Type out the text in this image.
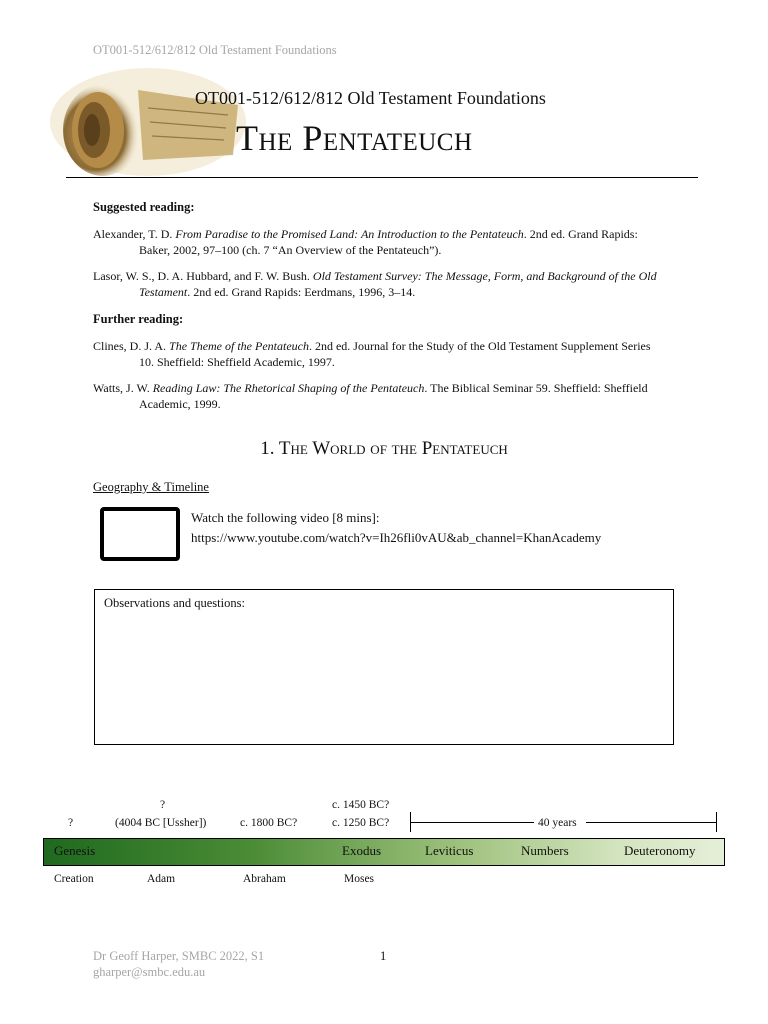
OT001-512/612/812 Old Testament Foundations
OT001-512/612/812 Old Testament Foundations
The Pentateuch
Suggested reading:
Alexander, T. D. From Paradise to the Promised Land: An Introduction to the Pentateuch. 2nd ed. Grand Rapids:
Baker, 2002, 97–100 (ch. 7 “An Overview of the Pentateuch”).
Lasor, W. S., D. A. Hubbard, and F. W. Bush. Old Testament Survey: The Message, Form, and Background of the Old
Testament. 2nd ed. Grand Rapids: Eerdmans, 1996, 3–14.
Further reading:
Clines, D. J. A. The Theme of the Pentateuch. 2nd ed. Journal for the Study of the Old Testament Supplement Series
10. Sheffield: Sheffield Academic, 1997.
Watts, J. W. Reading Law: The Rhetorical Shaping of the Pentateuch. The Biblical Seminar 59. Sheffield: Sheffield
Academic, 1999.
1. The World of the Pentateuch
Geography & Timeline
Watch the following video [8 mins]:
https://www.youtube.com/watch?v=Ih26fli0vAU&ab_channel=KhanAcademy
Observations and questions:
?	c. 1450 BC?
?	(4004 BC [Ussher])	c. 1800 BC?	c. 1250 BC?	40 years
Genesis	Exodus	Leviticus	Numbers	Deuteronomy
Creation	Adam	Abraham	Moses
Dr Geoff Harper, SMBC 2022, S1
gharper@smbc.edu.au
1
